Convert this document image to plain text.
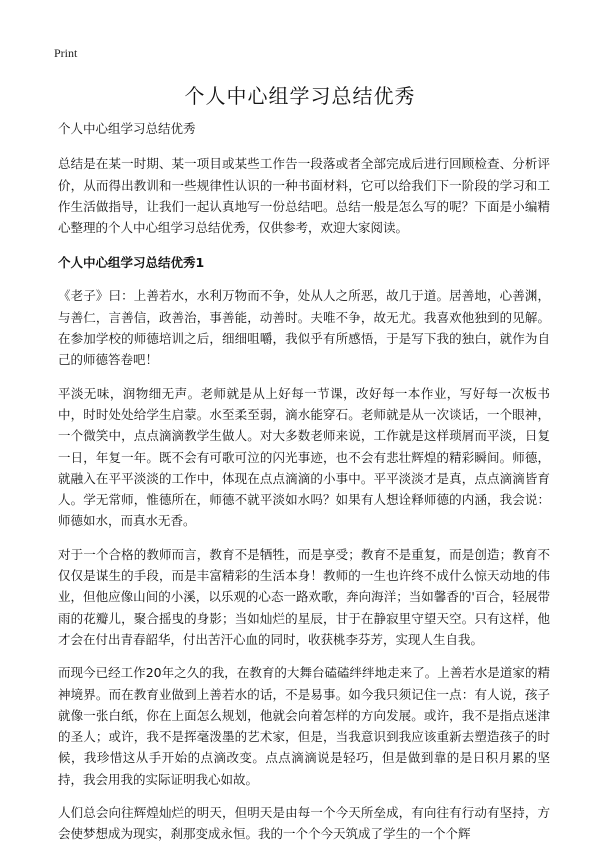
Print
个人中心组学习总结优秀

个人中心组学习总结优秀

总结是在某一时期、某一项目或某些工作告一段落或者全部完成后进行回顾检查、分析评价，从而得出教训和一些规律性认识的一种书面材料，它可以给我们下一阶段的学习和工作生活做指导，让我们一起认真地写一份总结吧。总结一般是怎么写的呢？下面是小编精心整理的个人中心组学习总结优秀，仅供参考，欢迎大家阅读。

个人中心组学习总结优秀1

《老子》曰：上善若水，水利万物而不争，处从人之所恶，故几于道。居善地，心善渊，与善仁，言善信，政善治，事善能，动善时。夫唯不争，故无尤。我喜欢他独到的见解。在参加学校的师德培训之后，细细咀嚼，我似乎有所感悟，于是写下我的独白，就作为自己的师德答卷吧！

平淡无味，润物细无声。老师就是从上好每一节课，改好每一本作业，写好每一次板书中，时时处处给学生启蒙。水至柔至弱，滴水能穿石。老师就是从一次谈话，一个眼神，一个微笑中，点点滴滴教学生做人。对大多数老师来说，工作就是这样琐屑而平淡，日复一日，年复一年。既不会有可歌可泣的闪光事迹，也不会有悲壮辉煌的精彩瞬间。师德，就融入在平平淡淡的工作中，体现在点点滴滴的小事中。平平淡淡才是真，点点滴滴皆育人。学无常师，惟德所在，师德不就平淡如水吗？如果有人想诠释师德的内涵，我会说：师德如水，而真水无香。

对于一个合格的教师而言，教育不是牺牲，而是享受；教育不是重复，而是创造；教育不仅仅是谋生的手段，而是丰富精彩的生活本身！教师的一生也许终不成什么惊天动地的伟业，但他应像山间的小溪，以乐观的心态一路欢歌，奔向海洋；当如馨香的'百合，轻展带雨的花瓣儿，聚合摇曳的身影；当如灿烂的星辰，甘于在静寂里守望天空。只有这样，他才会在付出青春韶华，付出苦汗心血的同时，收获桃李芬芳，实现人生自我。

而现今已经工作20年之久的我，在教育的大舞台磕磕绊绊地走来了。上善若水是道家的精神境界。而在教育业做到上善若水的话，不是易事。如今我只须记住一点：有人说，孩子就像一张白纸，你在上面怎么规划，他就会向着怎样的方向发展。或许，我不是指点迷津的圣人；或许，我不是挥毫泼墨的艺术家，但是，当我意识到我应该重新去塑造孩子的时候，我珍惜这从手开始的点滴改变。点点滴滴说是轻巧，但是做到靠的是日积月累的坚持，我会用我的实际证明我心如故。

人们总会向往辉煌灿烂的明天，但明天是由每一个今天所垒成，有向往有行动有坚持，方会使梦想成为现实，刹那变成永恒。我的一个个今天筑成了学生的一个个辉
